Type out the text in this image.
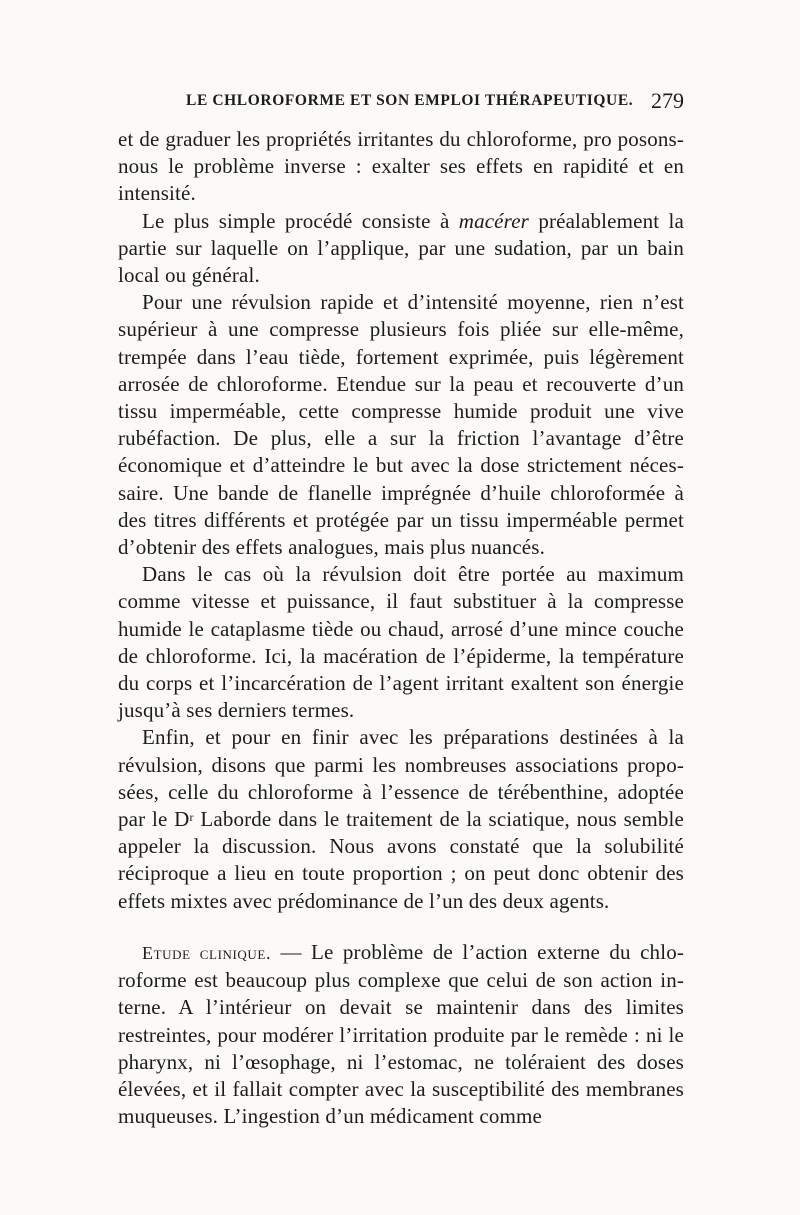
LE CHLOROFORME ET SON EMPLOI THÉRAPEUTIQUE. 279

et de graduer les propriétés irritantes du chloroforme, pro posons-nous le problème inverse : exalter ses effets en rapidité et en intensité.

Le plus simple procédé consiste à macérer préalablement la partie sur laquelle on l’applique, par une sudation, par un bain local ou général.

Pour une révulsion rapide et d’intensité moyenne, rien n’est supérieur à une compresse plusieurs fois pliée sur elle-même, trempée dans l’eau tiède, fortement exprimée, puis légèrement arrosée de chloroforme. Etendue sur la peau et recouverte d’un tissu imperméable, cette compresse humide produit une vive rubéfaction. De plus, elle a sur la friction l’avantage d’être économique et d’atteindre le but avec la dose strictement néces- saire. Une bande de flanelle imprégnée d’huile chloroformée à des titres différents et protégée par un tissu imperméable permet d’obtenir des effets analogues, mais plus nuancés.

Dans le cas où la révulsion doit être portée au maximum comme vitesse et puissance, il faut substituer à la compresse humide le cataplasme tiède ou chaud, arrosé d’une mince couche de chloroforme. Ici, la macération de l’épiderme, la température du corps et l’incarcération de l’agent irritant exaltent son énergie jusqu’à ses derniers termes.

Enfin, et pour en finir avec les préparations destinées à la révulsion, disons que parmi les nombreuses associations propo- sées, celle du chloroforme à l’essence de térébenthine, adoptée par le $D^r$ Laborde dans le traitement de la sciatique, nous semble appeler la discussion. Nous avons constaté que la solubilité réciproque a lieu en toute proportion ; on peut donc obtenir des effets mixtes avec prédominance de l’un des deux agents.

Etude clinique. — Le problème de l’action externe du chlo- roforme est beaucoup plus complexe que celui de son action in- terne. A l’intérieur on devait se maintenir dans des limites restreintes, pour modérer l’irritation produite par le remède : ni le pharynx, ni l’œsophage, ni l’estomac, ne toléraient des doses élevées, et il fallait compter avec la susceptibilité des membranes muqueuses. L’ingestion d’un médicament comme
